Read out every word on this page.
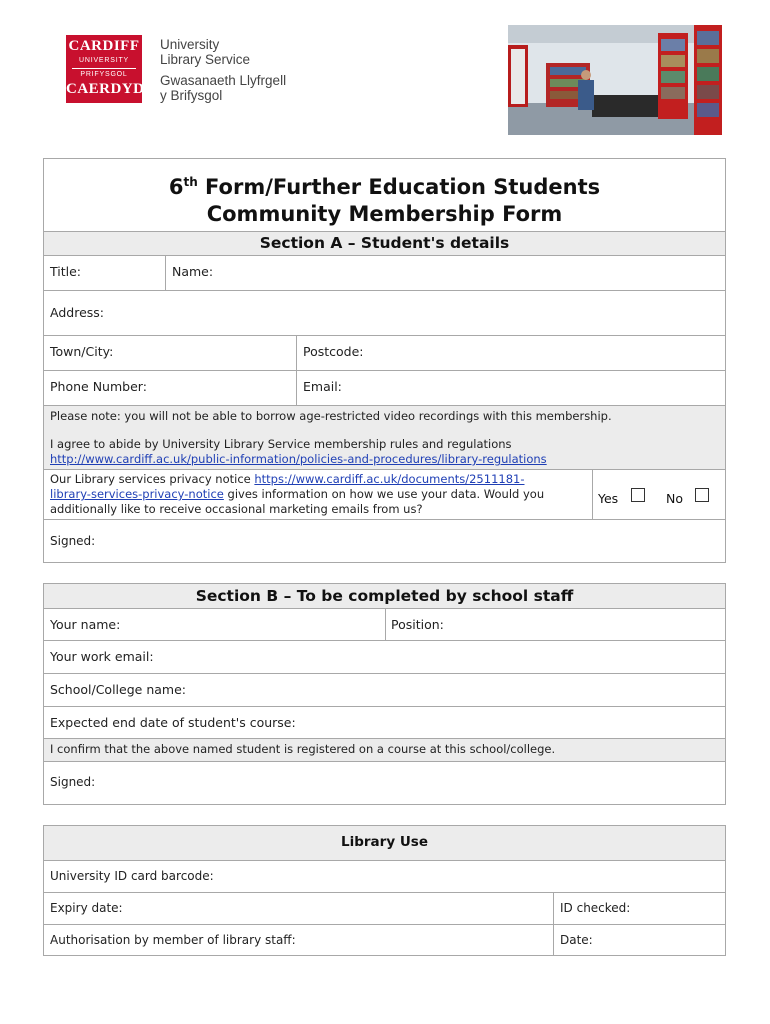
CARDIFF
UNIVERSITY
PRIFYSGOL
CAERDYDD
University
Library Service
Gwasanaeth Llyfrgell
y Brifysgol
6th Form/Further Education Students
Community Membership Form
Section A – Student's details
Title:	Name:
Address:
Town/City:	Postcode:
Phone Number:	Email:
Please note: you will not be able to borrow age-restricted video recordings with this membership.
I agree to abide by University Library Service membership rules and regulations
http://www.cardiff.ac.uk/public-information/policies-and-procedures/library-regulations
Our Library services privacy notice https://www.cardiff.ac.uk/documents/2511181-
library-services-privacy-notice gives information on how we use your data. Would you
additionally like to receive occasional marketing emails from us?
Yes	No
Signed:
Section B – To be completed by school staff
Your name:	Position:
Your work email:
School/College name:
Expected end date of student's course:
I confirm that the above named student is registered on a course at this school/college.
Signed:
Library Use
University ID card barcode:
Expiry date:	ID checked:
Authorisation by member of library staff:	Date:
